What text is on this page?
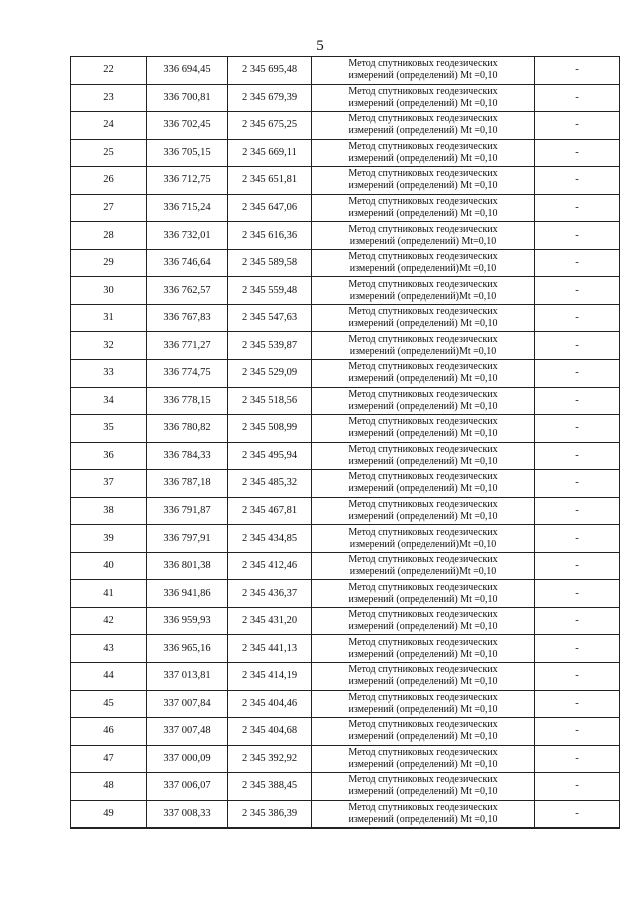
5
22	336 694,45	2 345 695,48	Метод спутниковых геодезических
измерений (определений) Mt =0,10	-
23	336 700,81	2 345 679,39	Метод спутниковых геодезических
измерений (определений) Mt =0,10	-
24	336 702,45	2 345 675,25	Метод спутниковых геодезических
измерений (определений) Mt =0,10	-
25	336 705,15	2 345 669,11	Метод спутниковых геодезических
измерений (определений) Mt =0,10	-
26	336 712,75	2 345 651,81	Метод спутниковых геодезических
измерений (определений) Mt =0,10	-
27	336 715,24	2 345 647,06	Метод спутниковых геодезических
измерений (определений) Mt =0,10	-
28	336 732,01	2 345 616,36	Метод спутниковых геодезических
измерений (определений) Mt=0,10	-
29	336 746,64	2 345 589,58	Метод спутниковых геодезических
измерений (определений)Mt =0,10	-
30	336 762,57	2 345 559,48	Метод спутниковых геодезических
измерений (определений)Mt =0,10	-
31	336 767,83	2 345 547,63	Метод спутниковых геодезических
измерений (определений) Mt =0,10	-
32	336 771,27	2 345 539,87	Метод спутниковых геодезических
измерений (определений)Mt =0,10	-
33	336 774,75	2 345 529,09	Метод спутниковых геодезических
измерений (определений) Mt =0,10	-
34	336 778,15	2 345 518,56	Метод спутниковых геодезических
измерений (определений) Mt =0,10	-
35	336 780,82	2 345 508,99	Метод спутниковых геодезических
измерений (определений) Mt =0,10	-
36	336 784,33	2 345 495,94	Метод спутниковых геодезических
измерений (определений) Mt =0,10	-
37	336 787,18	2 345 485,32	Метод спутниковых геодезических
измерений (определений) Mt =0,10	-
38	336 791,87	2 345 467,81	Метод спутниковых геодезических
измерений (определений) Mt =0,10	-
39	336 797,91	2 345 434,85	Метод спутниковых геодезических
измерений (определений)Mt =0,10	-
40	336 801,38	2 345 412,46	Метод спутниковых геодезических
измерений (определений)Mt =0,10	-
41	336 941,86	2 345 436,37	Метод спутниковых геодезических
измерений (определений) Mt =0,10	-
42	336 959,93	2 345 431,20	Метод спутниковых геодезических
измерений (определений) Mt =0,10	-
43	336 965,16	2 345 441,13	Метод спутниковых геодезических
измерений (определений) Mt =0,10	-
44	337 013,81	2 345 414,19	Метод спутниковых геодезических
измерений (определений) Mt =0,10	-
45	337 007,84	2 345 404,46	Метод спутниковых геодезических
измерений (определений) Mt =0,10	-
46	337 007,48	2 345 404,68	Метод спутниковых геодезических
измерений (определений) Mt =0,10	-
47	337 000,09	2 345 392,92	Метод спутниковых геодезических
измерений (определений) Mt =0,10	-
48	337 006,07	2 345 388,45	Метод спутниковых геодезических
измерений (определений) Mt =0,10	-
49	337 008,33	2 345 386,39	Метод спутниковых геодезических
измерений (определений) Mt =0,10	-
